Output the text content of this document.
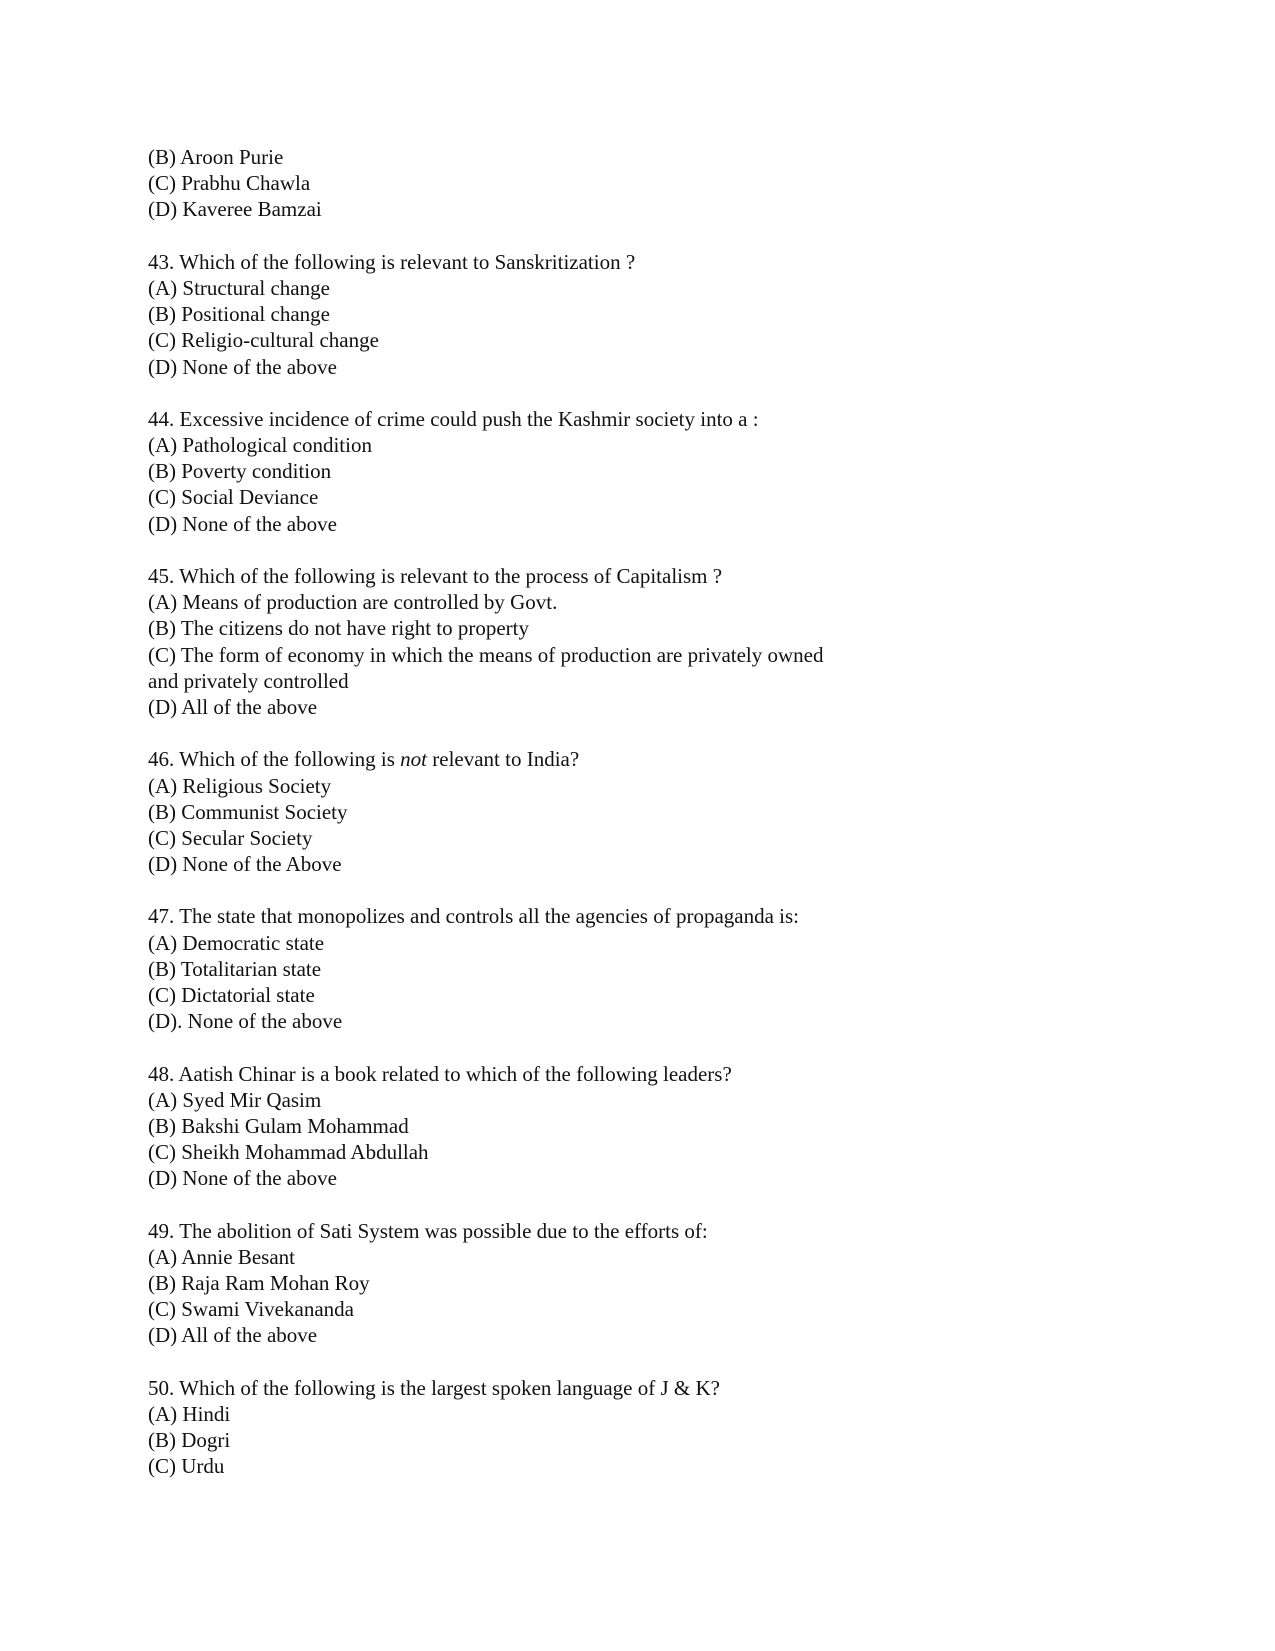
(B) Aroon Purie

(C) Prabhu Chawla

(D) Kaveree Bamzai

43. Which of the following is relevant to Sanskritization ?

(A) Structural change

(B) Positional change

(C) Religio-cultural change

(D) None of the above

44. Excessive incidence of crime could push the Kashmir society into a :

(A) Pathological condition

(B) Poverty condition

(C) Social Deviance

(D) None of the above

45. Which of the following is relevant to the process of Capitalism ?

(A) Means of production are controlled by Govt.

(B) The citizens do not have right to property

(C) The form of economy in which the means of production are privately owned

and privately controlled

(D) All of the above

46. Which of the following is not relevant to India?

(A) Religious Society

(B) Communist Society

(C) Secular Society

(D) None of the Above

47. The state that monopolizes and controls all the agencies of propaganda is:

(A) Democratic state

(B) Totalitarian state

(C) Dictatorial state

(D). None of the above

48. Aatish Chinar is a book related to which of the following leaders?

(A) Syed Mir Qasim

(B) Bakshi Gulam Mohammad

(C) Sheikh Mohammad Abdullah

(D) None of the above

49. The abolition of Sati System was possible due to the efforts of:

(A) Annie Besant

(B) Raja Ram Mohan Roy

(C) Swami Vivekananda

(D) All of the above

50. Which of the following is the largest spoken language of J & K?

(A) Hindi

(B) Dogri

(C) Urdu
